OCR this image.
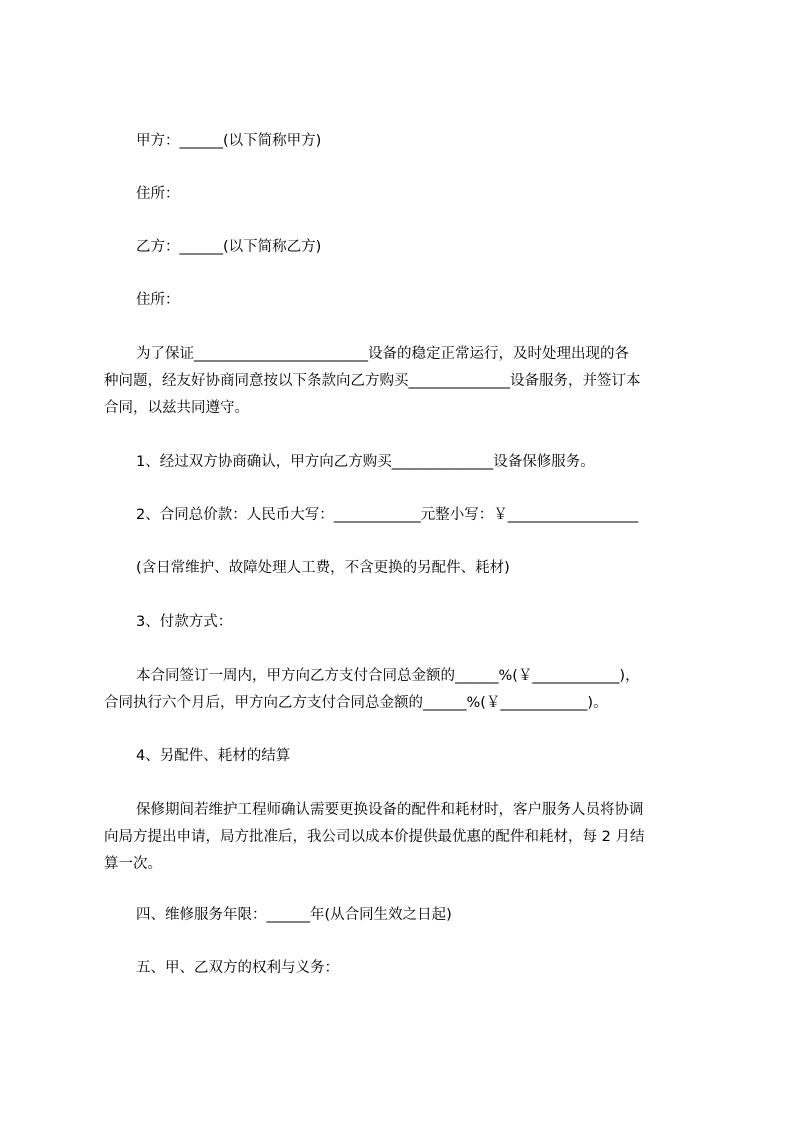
甲方：______(以下简称甲方)
住所：
乙方：______(以下简称乙方)
住所：
为了保证________________________设备的稳定正常运行，及时处理出现的各
种问题，经友好协商同意按以下条款向乙方购买______________设备服务，并签订本
合同，以兹共同遵守。
1、经过双方协商确认，甲方向乙方购买______________设备保修服务。
2、合同总价款：人民币大写：____________元整小写：￥__________________
(含日常维护、故障处理人工费，不含更换的另配件、耗材)
3、付款方式：
本合同签订一周内，甲方向乙方支付合同总金额的______%(￥____________)，
合同执行六个月后，甲方向乙方支付合同总金额的______%(￥____________)。
4、另配件、耗材的结算
保修期间若维护工程师确认需要更换设备的配件和耗材时，客户服务人员将协调
向局方提出申请，局方批准后，我公司以成本价提供最优惠的配件和耗材，每 2 月结
算一次。
四、维修服务年限：______年(从合同生效之日起)
五、甲、乙双方的权利与义务：
